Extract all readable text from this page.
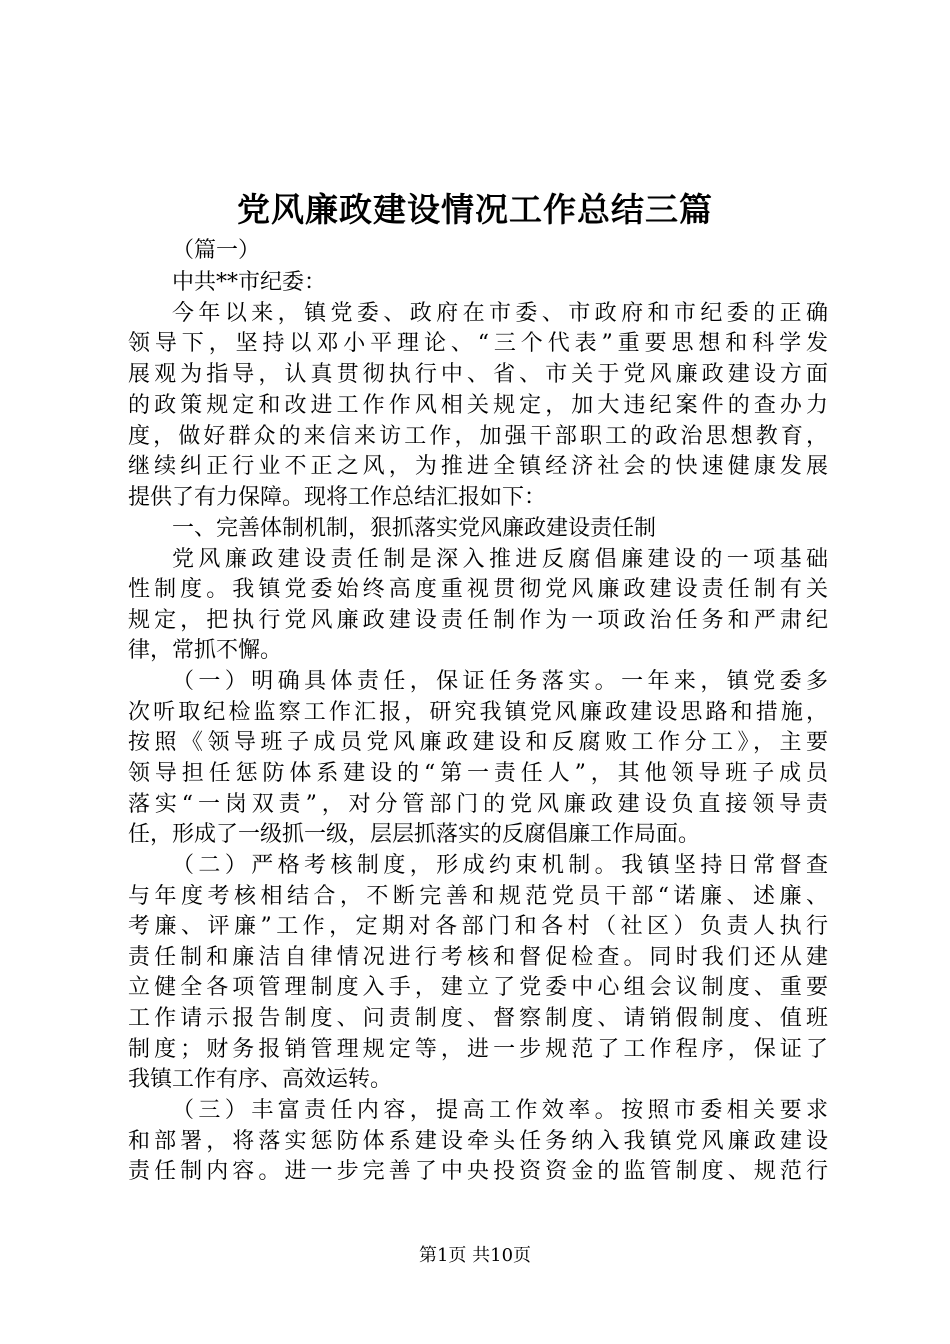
党风廉政建设情况工作总结三篇

（篇一）

中共**市纪委：

今年以来，镇党委、政府在市委、市政府和市纪委的正确

领导下，坚持以邓小平理论、“三个代表”重要思想和科学发

展观为指导，认真贯彻执行中、省、市关于党风廉政建设方面

的政策规定和改进工作作风相关规定，加大违纪案件的查办力

度，做好群众的来信来访工作，加强干部职工的政治思想教育，

继续纠正行业不正之风，为推进全镇经济社会的快速健康发展

提供了有力保障。现将工作总结汇报如下：

一、完善体制机制，狠抓落实党风廉政建设责任制

党风廉政建设责任制是深入推进反腐倡廉建设的一项基础

性制度。我镇党委始终高度重视贯彻党风廉政建设责任制有关

规定，把执行党风廉政建设责任制作为一项政治任务和严肃纪

律，常抓不懈。

（一）明确具体责任，保证任务落实。一年来，镇党委多

次听取纪检监察工作汇报，研究我镇党风廉政建设思路和措施，

按照《领导班子成员党风廉政建设和反腐败工作分工》，主要

领导担任惩防体系建设的“第一责任人”，其他领导班子成员

落实“一岗双责”，对分管部门的党风廉政建设负直接领导责

任，形成了一级抓一级，层层抓落实的反腐倡廉工作局面。

（二）严格考核制度，形成约束机制。我镇坚持日常督查

与年度考核相结合，不断完善和规范党员干部“诺廉、述廉、

考廉、评廉”工作，定期对各部门和各村（社区）负责人执行

责任制和廉洁自律情况进行考核和督促检查。同时我们还从建

立健全各项管理制度入手，建立了党委中心组会议制度、重要

工作请示报告制度、问责制度、督察制度、请销假制度、值班

制度；财务报销管理规定等，进一步规范了工作程序，保证了

我镇工作有序、高效运转。

（三）丰富责任内容，提高工作效率。按照市委相关要求

和部署，将落实惩防体系建设牵头任务纳入我镇党风廉政建设

责任制内容。进一步完善了中央投资资金的监管制度、规范行

第1页 共10页
